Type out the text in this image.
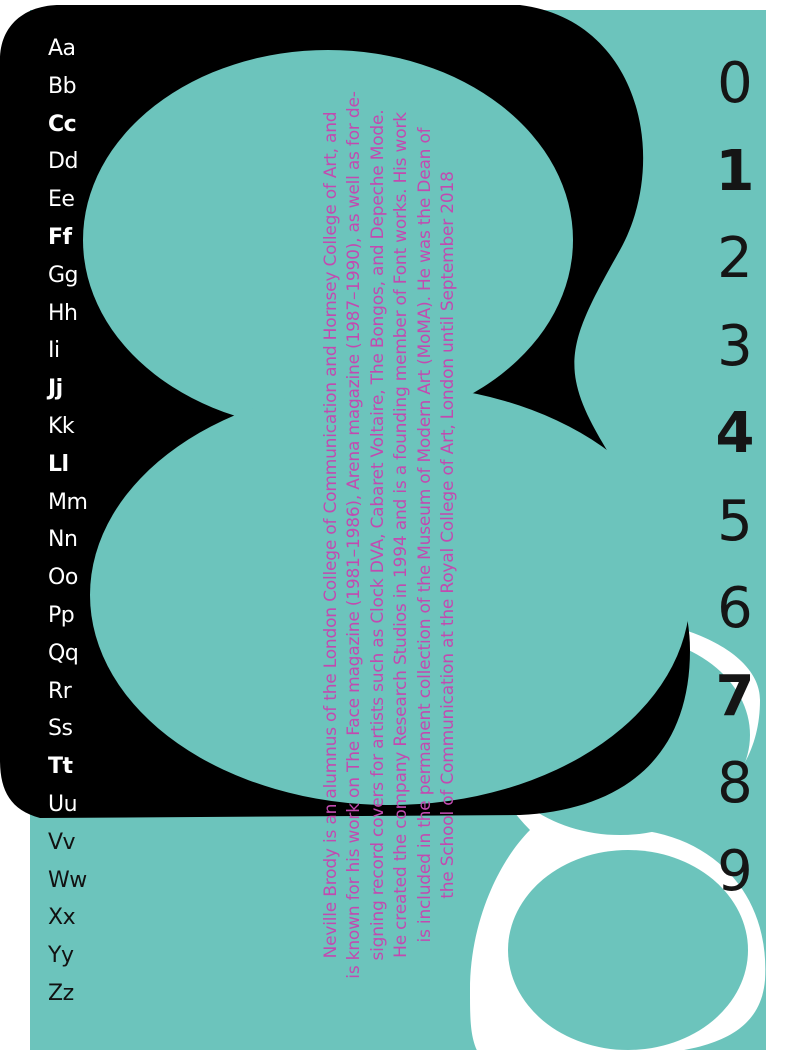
Aa
Bb
Cc
Dd
Ee
Ff
Gg
Hh
Ii
Jj
Kk
Ll
Mm
Nn
Oo
Pp
Qq
Rr
Ss
Tt
Uu
Vv
Ww
Xx
Yy
Zz
0
1
2
3
4
5
6
7
8
9
Neville Brody is an alumnus of the London College of Communication and Hornsey College of Art, and is known for his work on The Face magazine (1981–1986), Arena magazine (1987–1990), as well as for de- signing record covers for artists such as Clock DVA, Cabaret Voltaire, The Bongos, and Depeche Mode. He created the company Research Studios in 1994 and is a founding member of Font works. His work is included in the permanent collection of the Museum of Modern Art (MoMA). He was the Dean of the School of Communication at the Royal College of Art, London until September 2018
